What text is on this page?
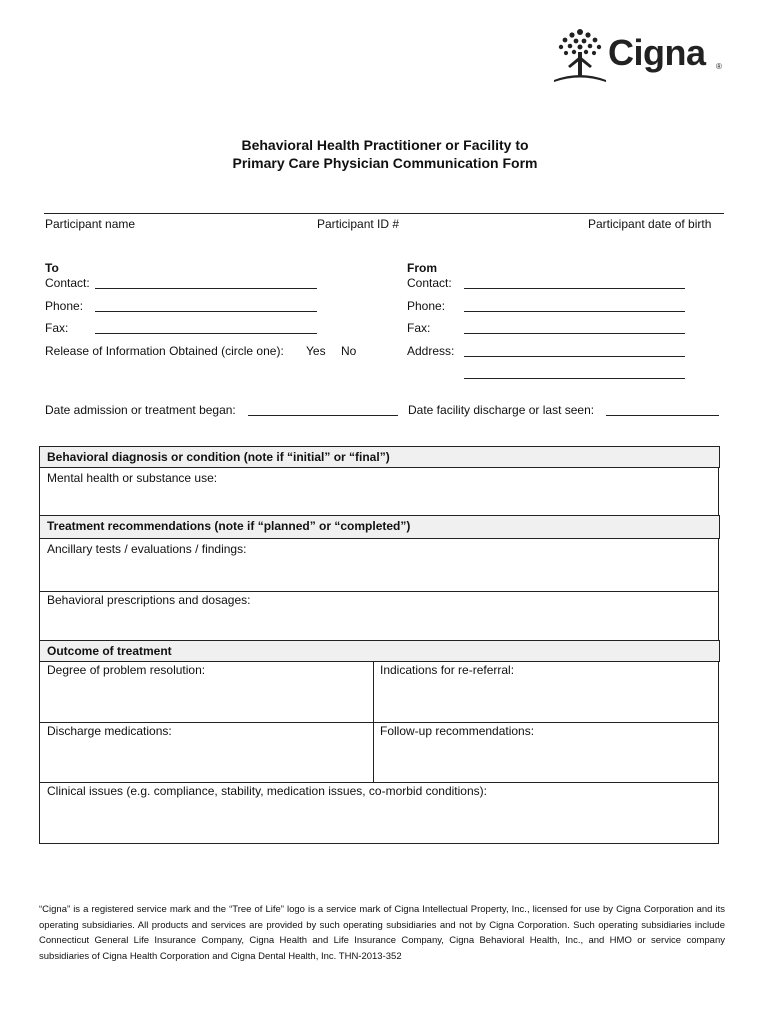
Cigna ®
Behavioral Health Practitioner or Facility to
Primary Care Physician Communication Form
Participant name	Participant ID #	Participant date of birth
To
Contact:
Phone:
Fax:
Release of Information Obtained (circle one): Yes No
From
Contact:
Phone:
Fax:
Address:
Date admission or treatment began:	Date facility discharge or last seen:
Behavioral diagnosis or condition (note if “initial” or “final”)
Mental health or substance use:
Treatment recommendations (note if “planned” or “completed”)
Ancillary tests / evaluations / findings:
Behavioral prescriptions and dosages:
Outcome of treatment
Degree of problem resolution:	Indications for re-referral:
Discharge medications:	Follow-up recommendations:
Clinical issues (e.g. compliance, stability, medication issues, co-morbid conditions):
“Cigna” is a registered service mark and the “Tree of Life” logo is a service mark of Cigna Intellectual Property, Inc., licensed for use by Cigna Corporation and its operating subsidiaries. All products and services are provided by such operating subsidiaries and not by Cigna Corporation. Such operating subsidiaries include Connecticut General Life Insurance Company, Cigna Health and Life Insurance Company, Cigna Behavioral Health, Inc., and HMO or service company subsidiaries of Cigna Health Corporation and Cigna Dental Health, Inc. THN-2013-352
